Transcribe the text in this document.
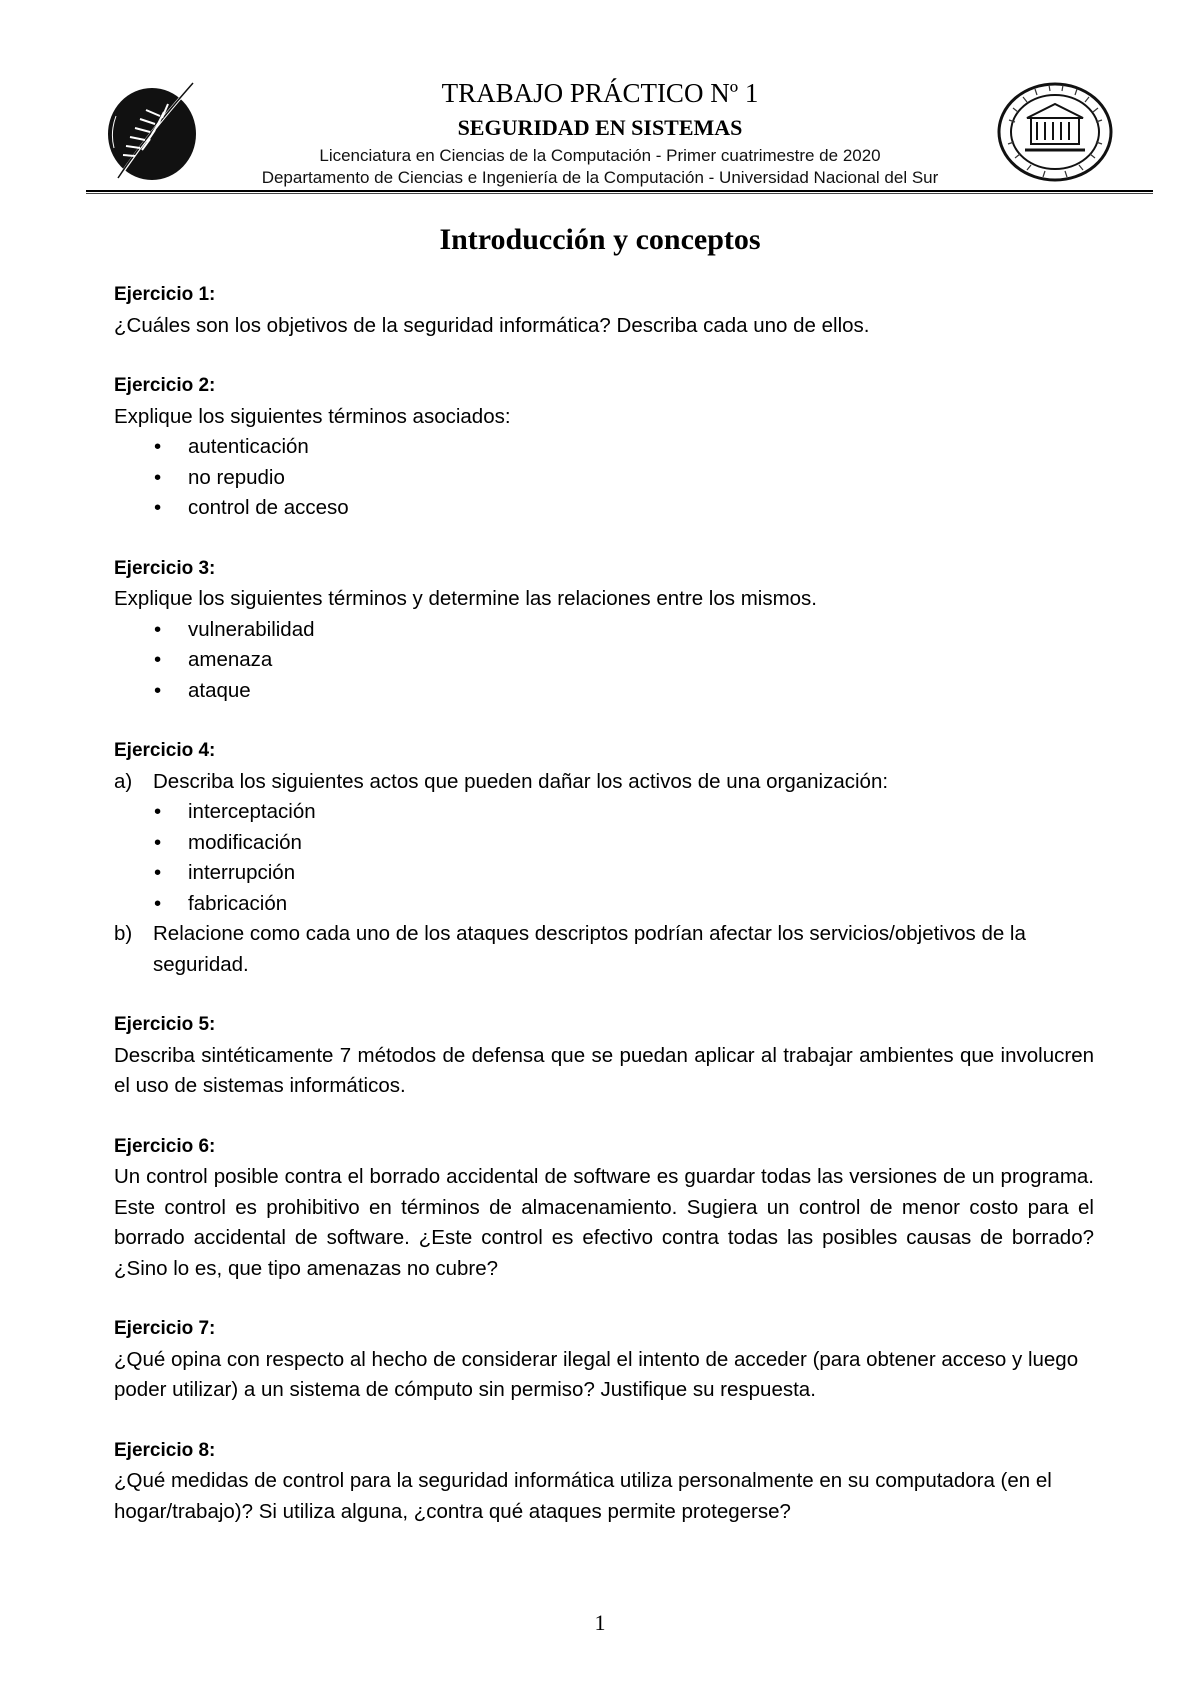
TRABAJO PRÁCTICO Nº 1
SEGURIDAD EN SISTEMAS
Licenciatura en Ciencias de la Computación - Primer cuatrimestre de 2020
Departamento de Ciencias e Ingeniería de la Computación - Universidad Nacional del Sur
Introducción y conceptos
Ejercicio 1:

¿Cuáles son los objetivos de la seguridad informática? Describa cada uno de ellos.

Ejercicio 2:

Explique los siguientes términos asociados:

• autenticación
• no repudio
• control de acceso
Ejercicio 3:

Explique los siguientes términos y determine las relaciones entre los mismos.

• vulnerabilidad
• amenaza
• ataque
Ejercicio 4:
a) Describa los siguientes actos que pueden dañar los activos de una organización:
• interceptación
• modificación
• interrupción
• fabricación
b) Relacione como cada uno de los ataques descriptos podrían afectar los servicios/objetivos de la seguridad.
Ejercicio 5:

Describa sintéticamente 7 métodos de defensa que se puedan aplicar al trabajar ambientes que involucren el uso de sistemas informáticos.

Ejercicio 6:

Un control posible contra el borrado accidental de software es guardar todas las versiones de un programa. Este control es prohibitivo en términos de almacenamiento. Sugiera un control de menor costo para el borrado accidental de software. ¿Este control es efectivo contra todas las posibles causas de borrado? ¿Sino lo es, que tipo amenazas no cubre?

Ejercicio 7:

¿Qué opina con respecto al hecho de considerar ilegal el intento de acceder (para obtener acceso y luego poder utilizar) a un sistema de cómputo sin permiso? Justifique su respuesta.

Ejercicio 8:

¿Qué medidas de control para la seguridad informática utiliza personalmente en su computadora (en el hogar/trabajo)? Si utiliza alguna, ¿contra qué ataques permite protegerse?

1
